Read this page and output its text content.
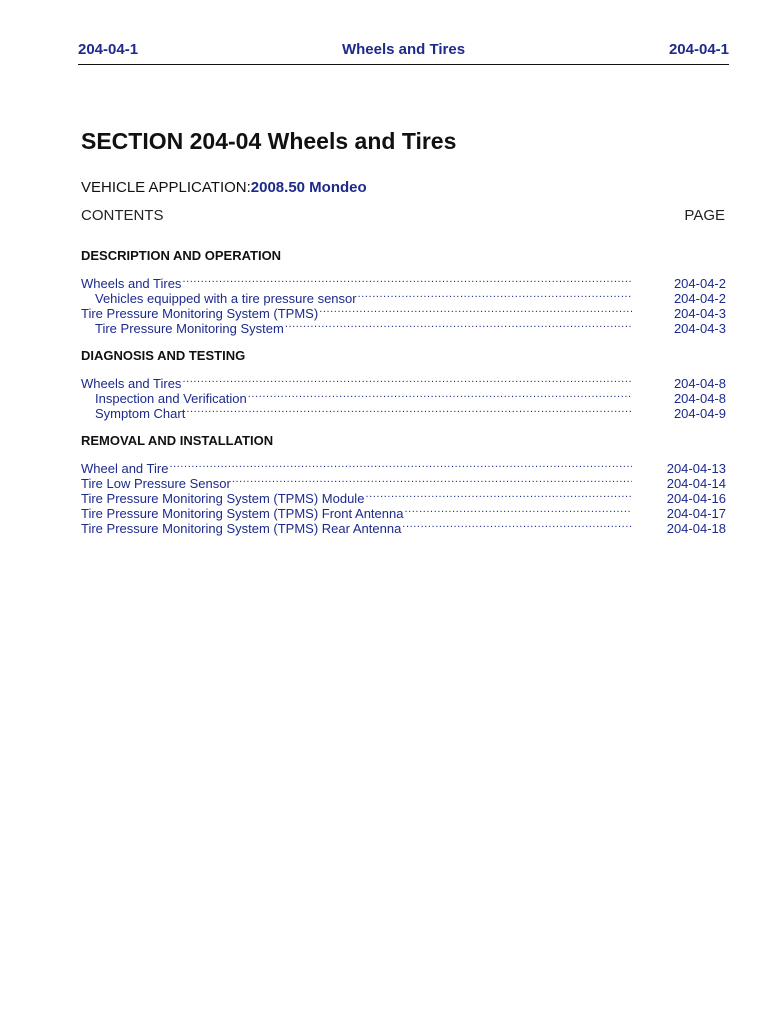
204-04-1	Wheels and Tires	204-04-1
SECTION 204-04 Wheels and Tires
VEHICLE APPLICATION:2008.50 Mondeo
CONTENTS	PAGE
DESCRIPTION AND OPERATION
Wheels and Tires .....	204-04-2
Vehicles equipped with a tire pressure sensor .....	204-04-2
Tire Pressure Monitoring System (TPMS) .....	204-04-3
Tire Pressure Monitoring System .....	204-04-3
DIAGNOSIS AND TESTING
Wheels and Tires .....	204-04-8
Inspection and Verification .....	204-04-8
Symptom Chart .....	204-04-9
REMOVAL AND INSTALLATION
Wheel and Tire .....	204-04-13
Tire Low Pressure Sensor .....	204-04-14
Tire Pressure Monitoring System (TPMS) Module .....	204-04-16
Tire Pressure Monitoring System (TPMS) Front Antenna .....	204-04-17
Tire Pressure Monitoring System (TPMS) Rear Antenna .....	204-04-18
